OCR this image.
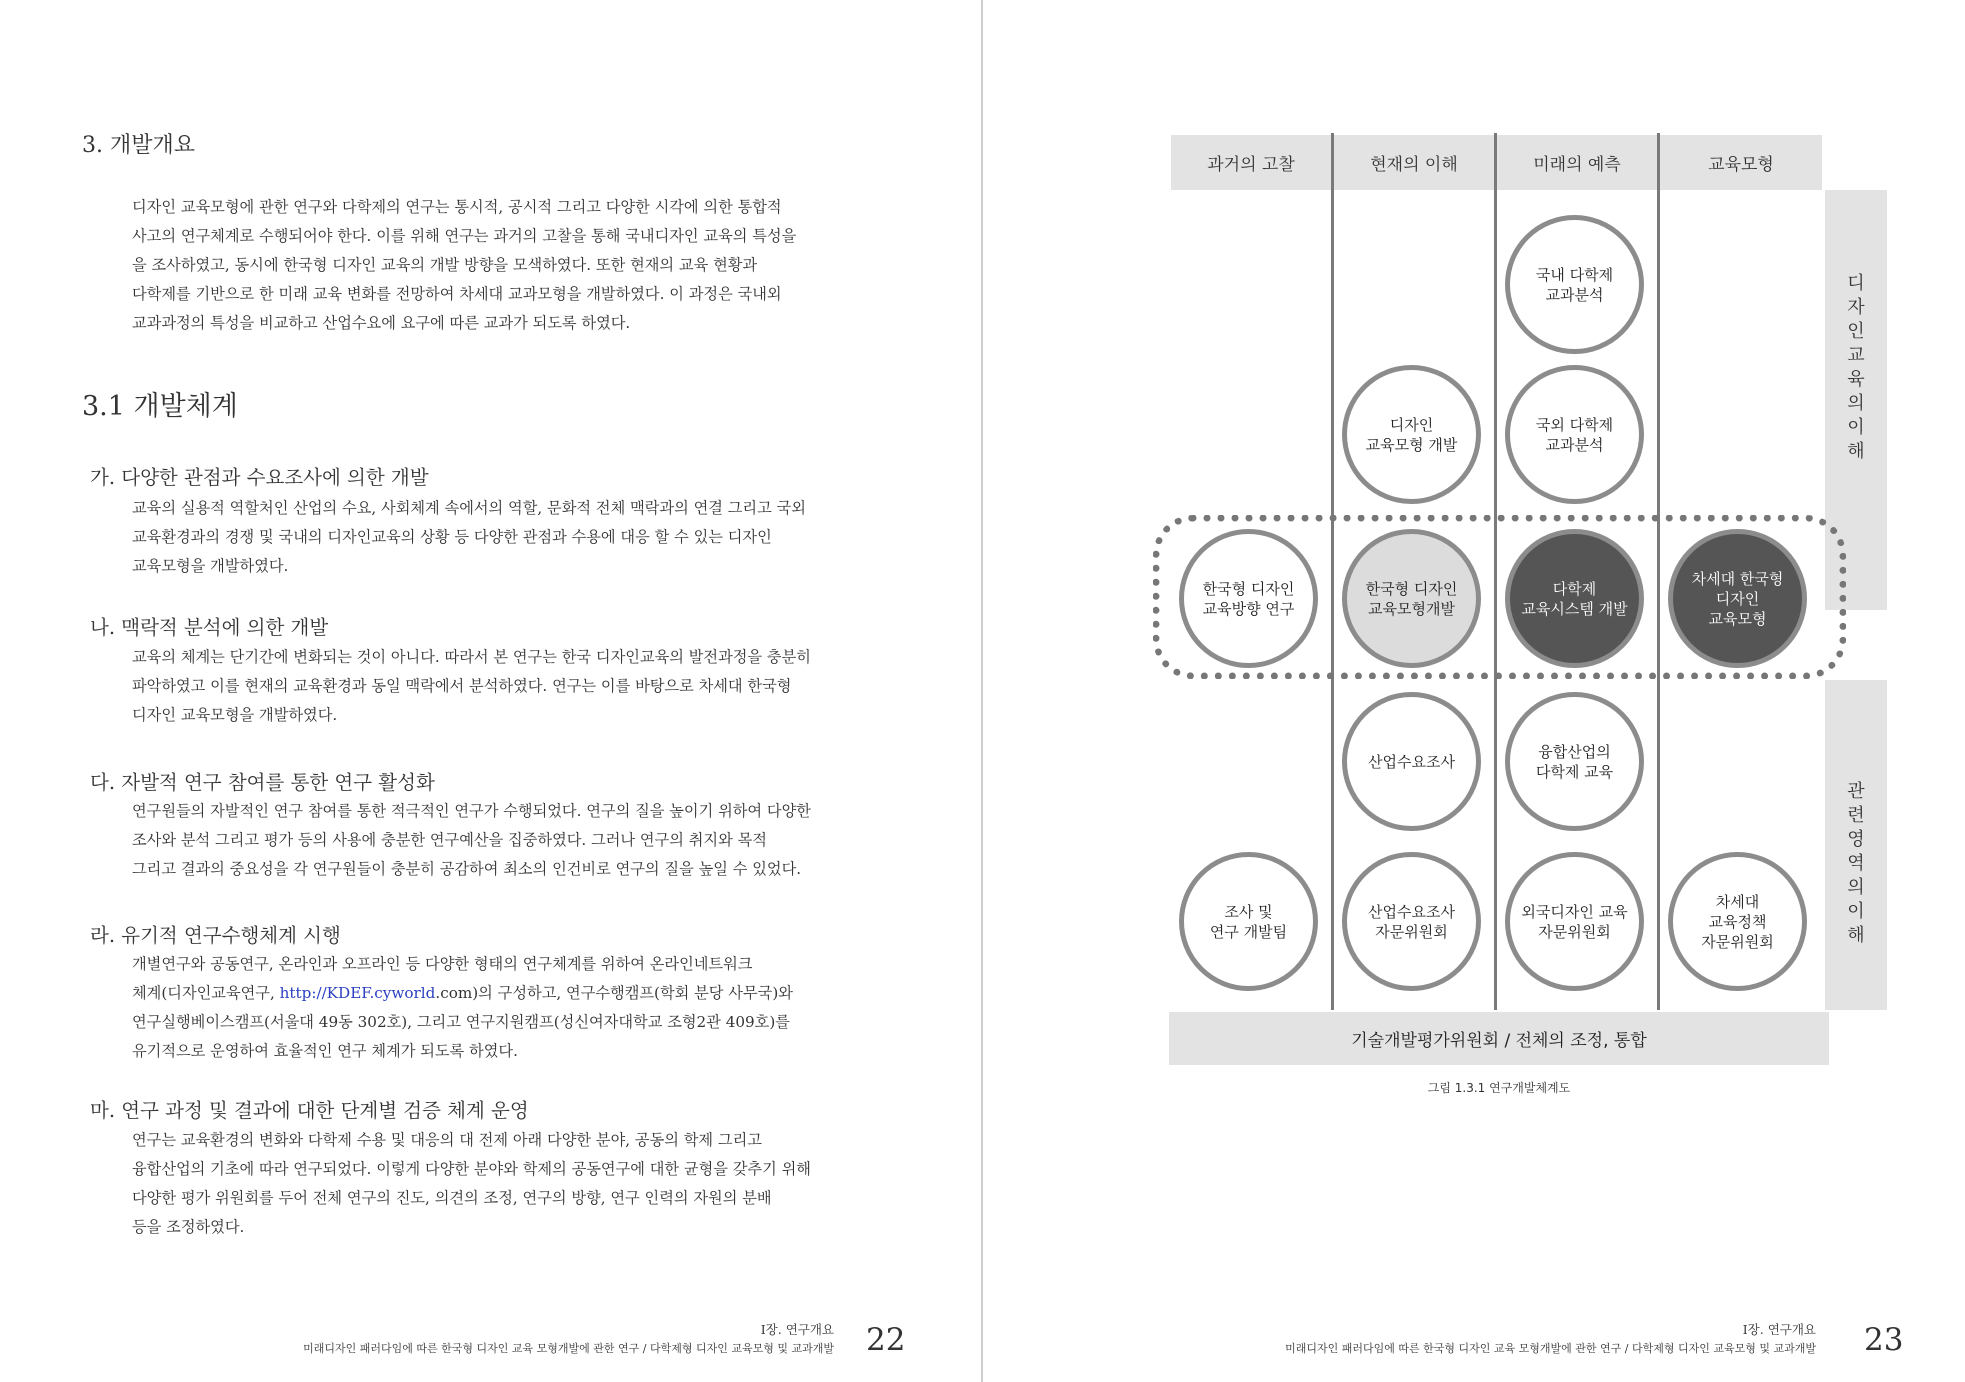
3. 개발개요
디자인 교육모형에 관한 연구와 다학제의 연구는 통시적, 공시적 그리고 다양한 시각에 의한 통합적
사고의 연구체계로 수행되어야 한다. 이를 위해 연구는 과거의 고찰을 통해 국내디자인 교육의 특성을
을 조사하였고, 동시에 한국형 디자인 교육의 개발 방향을 모색하였다. 또한 현재의 교육 현황과
다학제를 기반으로 한 미래 교육 변화를 전망하여 차세대 교과모형을 개발하였다. 이 과정은 국내외
교과과정의 특성을 비교하고 산업수요에 요구에 따른 교과가 되도록 하였다.
3.1 개발체계
가. 다양한 관점과 수요조사에 의한 개발
교육의 실용적 역할처인 산업의 수요, 사회체계 속에서의 역할, 문화적 전체 맥락과의 연결 그리고 국외
교육환경과의 경쟁 및 국내의 디자인교육의 상황 등 다양한 관점과 수용에 대응 할 수 있는 디자인
교육모형을 개발하였다.
나. 맥락적 분석에 의한 개발
교육의 체계는 단기간에 변화되는 것이 아니다. 따라서 본 연구는 한국 디자인교육의 발전과정을 충분히
파악하였고 이를 현재의 교육환경과 동일 맥락에서 분석하였다. 연구는 이를 바탕으로 차세대 한국형
디자인 교육모형을 개발하였다.
다. 자발적 연구 참여를 통한 연구 활성화
연구원들의 자발적인 연구 참여를 통한 적극적인 연구가 수행되었다. 연구의 질을 높이기 위하여 다양한
조사와 분석 그리고 평가 등의 사용에 충분한 연구예산을 집중하였다. 그러나 연구의 취지와 목적
그리고 결과의 중요성을 각 연구원들이 충분히 공감하여 최소의 인건비로 연구의 질을 높일 수 있었다.
라. 유기적 연구수행체계 시행
개별연구와 공동연구, 온라인과 오프라인 등 다양한 형태의 연구체계를 위하여 온라인네트워크
체계(디자인교육연구, http://KDEF.cyworld.com)의 구성하고, 연구수행캠프(학회 분당 사무국)와
연구실행베이스캠프(서울대 49동 302호), 그리고 연구지원캠프(성신여자대학교 조형2관 409호)를
유기적으로 운영하여 효율적인 연구 체계가 되도록 하였다.
마. 연구 과정 및 결과에 대한 단계별 검증 체계 운영
연구는 교육환경의 변화와 다학제 수용 및 대응의 대 전제 아래 다양한 분야, 공동의 학제 그리고
융합산업의 기초에 따라 연구되었다. 이렇게 다양한 분야와 학제의 공동연구에 대한 균형을 갖추기 위해
다양한 평가 위원회를 두어 전체 연구의 진도, 의견의 조정, 연구의 방향, 연구 인력의 자원의 분배
등을 조정하였다.
I장. 연구개요
미래디자인 패러다임에 따른 한국형 디자인 교육 모형개발에 관한 연구 / 다학제형 디자인 교육모형 및 교과개발 22
과거의 고찰	현재의 이해	미래의 예측	교육모형
디
자
인
교
육
의
이
해
관
련
영
역
의
이
해
국내 다학제
교과분석
디자인
교육모형 개발
국외 다학제
교과분석
한국형 디자인
교육방향 연구
한국형 디자인
교육모형개발
다학제
교육시스템 개발
차세대 한국형
디자인
교육모형
산업수요조사
융합산업의
다학제 교육
조사 및
연구 개발팀
산업수요조사
자문위원회
외국디자인 교육
자문위원회
차세대
교육정책
자문위원회
기술개발평가위원회 / 전체의 조정, 통합
그림 1.3.1 연구개발체계도
I장. 연구개요
미래디자인 패러다임에 따른 한국형 디자인 교육 모형개발에 관한 연구 / 다학제형 디자인 교육모형 및 교과개발 23
